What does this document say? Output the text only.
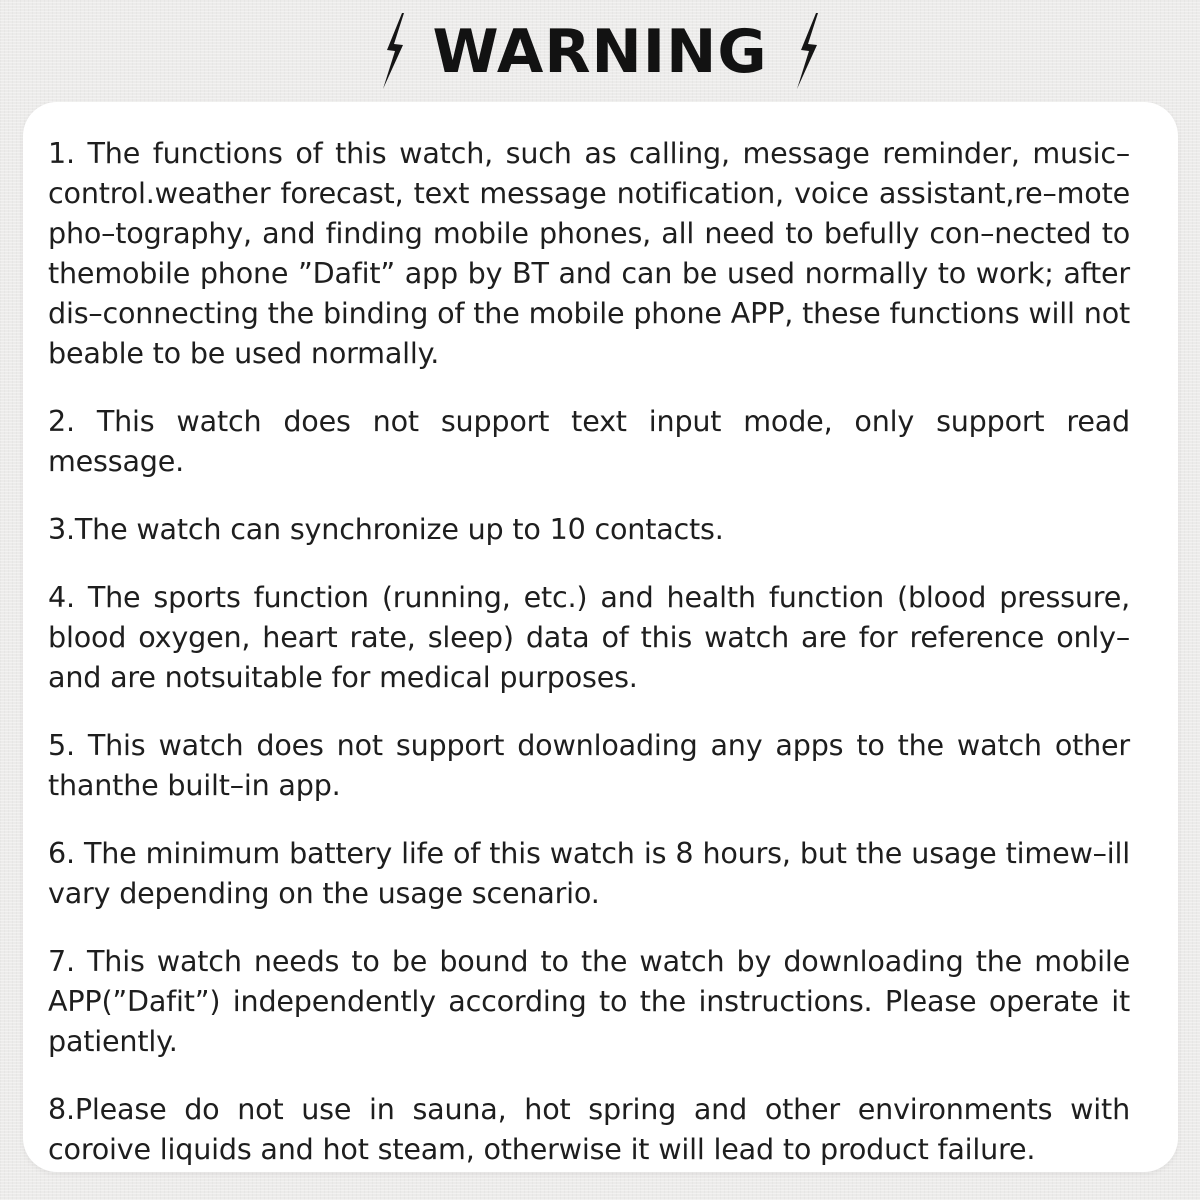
WARNING

1. The functions of this watch, such as calling, message reminder, music–control.weather forecast, text message notification, voice assistant,re–mote pho–tography, and finding mobile phones, all need to befully con–nected to themobile phone ”Dafit” app by BT and can be used normally to work; after dis–connecting the binding of the mobile phone APP, these functions will not beable to be used normally.

2. This watch does not support text input mode, only support read message.

3.The watch can synchronize up to 10 contacts.

4. The sports function (running, etc.) and health function (blood pressure, blood oxygen, heart rate, sleep) data of this watch are for reference only–and are notsuitable for medical purposes.

5. This watch does not support downloading any apps to the watch other thanthe built–in app.

6. The minimum battery life of this watch is 8 hours, but the usage timew–ill vary depending on the usage scenario.

7. This watch needs to be bound to the watch by downloading the mobile APP(”Dafit”) independently according to the instructions. Please operate it patiently.

8.Please do not use in sauna, hot spring and other environments with coroive liquids and hot steam, otherwise it will lead to product failure.
